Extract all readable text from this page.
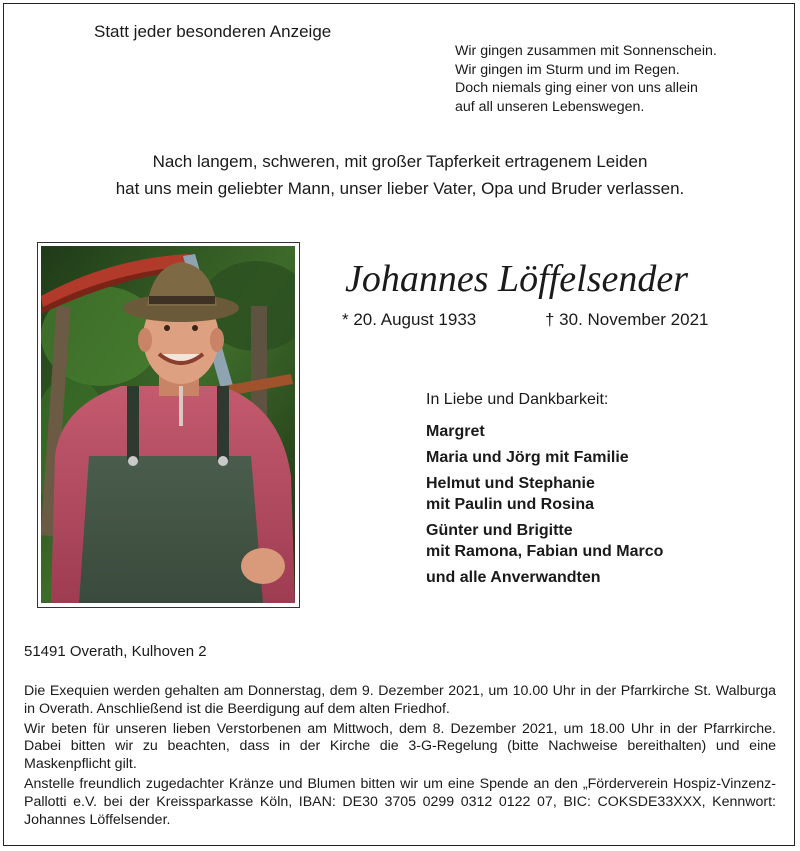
Statt jeder besonderen Anzeige
Wir gingen zusammen mit Sonnenschein.
Wir gingen im Sturm und im Regen.
Doch niemals ging einer von uns allein
auf all unseren Lebenswegen.
Nach langem, schweren, mit großer Tapferkeit ertragenem Leiden
hat uns mein geliebter Mann, unser lieber Vater, Opa und Bruder verlassen.
Johannes Löffelsender
* 20. August 1933	† 30. November 2021
In Liebe und Dankbarkeit:
Margret
Maria und Jörg mit Familie
Helmut und Stephanie
mit Paulin und Rosina
Günter und Brigitte
mit Ramona, Fabian und Marco
und alle Anverwandten
51491 Overath, Kulhoven 2

Die Exequien werden gehalten am Donnerstag, dem 9. Dezember 2021, um 10.00 Uhr in der Pfarrkirche St. Walburga in Overath. Anschließend ist die Beerdigung auf dem alten Friedhof.

Wir beten für unseren lieben Verstorbenen am Mittwoch, dem 8. Dezember 2021, um 18.00 Uhr in der Pfarrkirche. Dabei bitten wir zu beachten, dass in der Kirche die 3-G-Regelung (bitte Nachweise bereithalten) und eine Maskenpflicht gilt.

Anstelle freundlich zugedachter Kränze und Blumen bitten wir um eine Spende an den „Förderverein Hospiz-Vinzenz-Pallotti e.V. bei der Kreissparkasse Köln, IBAN: DE30 3705 0299 0312 0122 07, BIC: COKSDE33XXX, Kennwort: Johannes Löffelsender.
